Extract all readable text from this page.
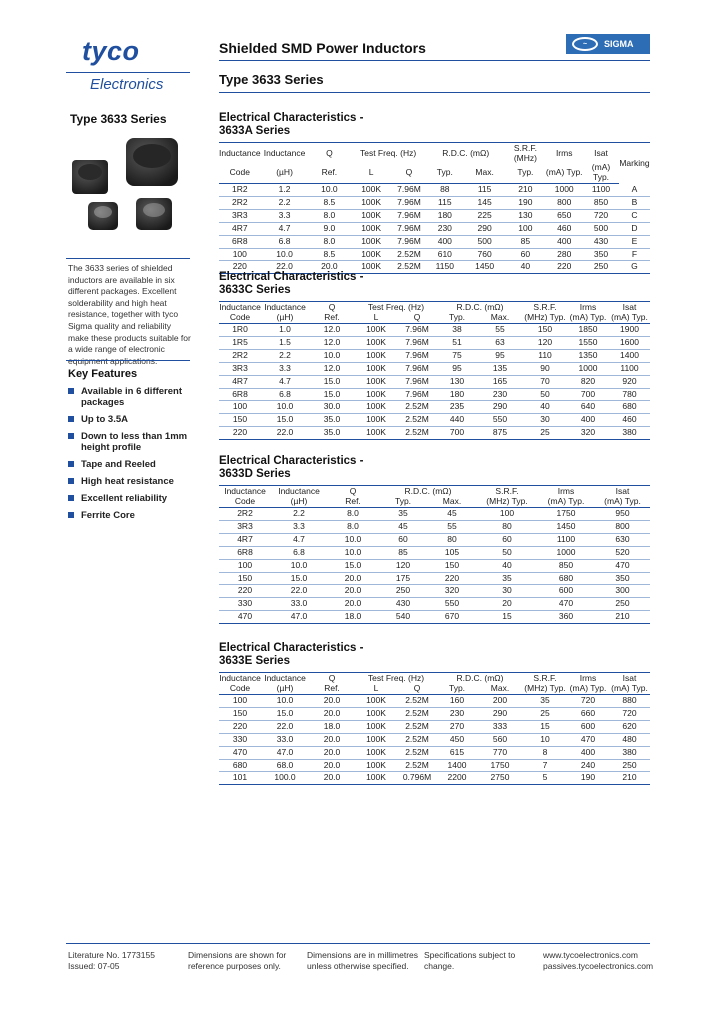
tyco
Electronics
Shielded SMD Power Inductors	~	SIGMA
Type 3633 Series
Type 3633 Series
The 3633 series of shielded inductors are available in six different packages. Excellent solderability and high heat resistance, together with tyco Sigma quality and reliability make these products suitable for a wide range of electronic
Key Features
Available in 6 different packages
Up to 3.5A
Down to less than 1mm height profile
Tape and Reeled
High heat resistance
Excellent reliability
Ferrite Core
Electrical Characteristics -
3633A Series
Inductance	Inductance	Q	Test Freq. (Hz)		R.D.C. (mΩ)		S.R.F. (MHz)	Irms	Isat	Marking
Code	(µH)	Ref.	L	Q	Typ.	Max.	Typ.	(mA) Typ.	(mA) Typ.	
1R2	1.2	10.0	100K	7.96M	88	115	210	1000	1100	A
2R2	2.2	8.5	100K	7.96M	115	145	190	800	850	B
3R3	3.3	8.0	100K	7.96M	180	225	130	650	720	C
4R7	4.7	9.0	100K	7.96M	230	290	100	460	500	D
6R8	6.8	8.0	100K	7.96M	400	500	85	400	430	E
100	10.0	8.5	100K	2.52M	610	760	60	280	350	F
220	22.0	20.0	100K	2.52M	1150	1450	40	220	250	G
Electrical Characteristics -
3633C Series
Inductance	Inductance	Q	Test Freq. (Hz)		R.D.C. (mΩ)		S.R.F.	Irms	Isat
Code	(µH)	Ref.	L	Q	Typ.	Max.	(MHz) Typ.	(mA) Typ.	(mA) Typ.
1R0	1.0	12.0	100K	7.96M	38	55	150	1850	1900
1R5	1.5	12.0	100K	7.96M	51	63	120	1550	1600
2R2	2.2	10.0	100K	7.96M	75	95	110	1350	1400
3R3	3.3	12.0	100K	7.96M	95	135	90	1000	1100
4R7	4.7	15.0	100K	7.96M	130	165	70	820	920
6R8	6.8	15.0	100K	7.96M	180	230	50	700	780
100	10.0	30.0	100K	2.52M	235	290	40	640	680
150	15.0	35.0	100K	2.52M	440	550	30	400	460
220	22.0	35.0	100K	2.52M	700	875	25	320	380
Electrical Characteristics -
3633D Series
Inductance	Inductance	Q	R.D.C. (mΩ)		S.R.F.	Irms	Isat
Code	(µH)	Ref.	Typ.	Max.	(MHz) Typ.	(mA) Typ.	(mA) Typ.
2R2	2.2	8.0	35	45	100	1750	950
3R3	3.3	8.0	45	55	80	1450	800
4R7	4.7	10.0	60	80	60	1100	630
6R8	6.8	10.0	85	105	50	1000	520
100	10.0	15.0	120	150	40	850	470
150	15.0	20.0	175	220	35	680	350
220	22.0	20.0	250	320	30	600	300
330	33.0	20.0	430	550	20	470	250
470	47.0	18.0	540	670	15	360	210
Electrical Characteristics -
3633E Series
Inductance	Inductance	Q	Test Freq. (Hz)		R.D.C. (mΩ)		S.R.F.	Irms	Isat
Code	(µH)	Ref.	L	Q	Typ.	Max.	(MHz) Typ.	(mA) Typ.	(mA) Typ.
100	10.0	20.0	100K	2.52M	160	200	35	720	880
150	15.0	20.0	100K	2.52M	230	290	25	660	720
220	22.0	18.0	100K	2.52M	270	333	15	600	620
330	33.0	20.0	100K	2.52M	450	560	10	470	480
470	47.0	20.0	100K	2.52M	615	770	8	400	380
680	68.0	20.0	100K	2.52M	1400	1750	7	240	250
101	100.0	20.0	100K	0.796M	2200	2750	5	190	210
Literature No. 1773155
Issued: 07-05
Dimensions are shown for
reference purposes only.
Dimensions are in millimetres
unless otherwise specified.
Specifications subject to
change.
www.tycoelectronics.com
passives.tycoelectronics.com
